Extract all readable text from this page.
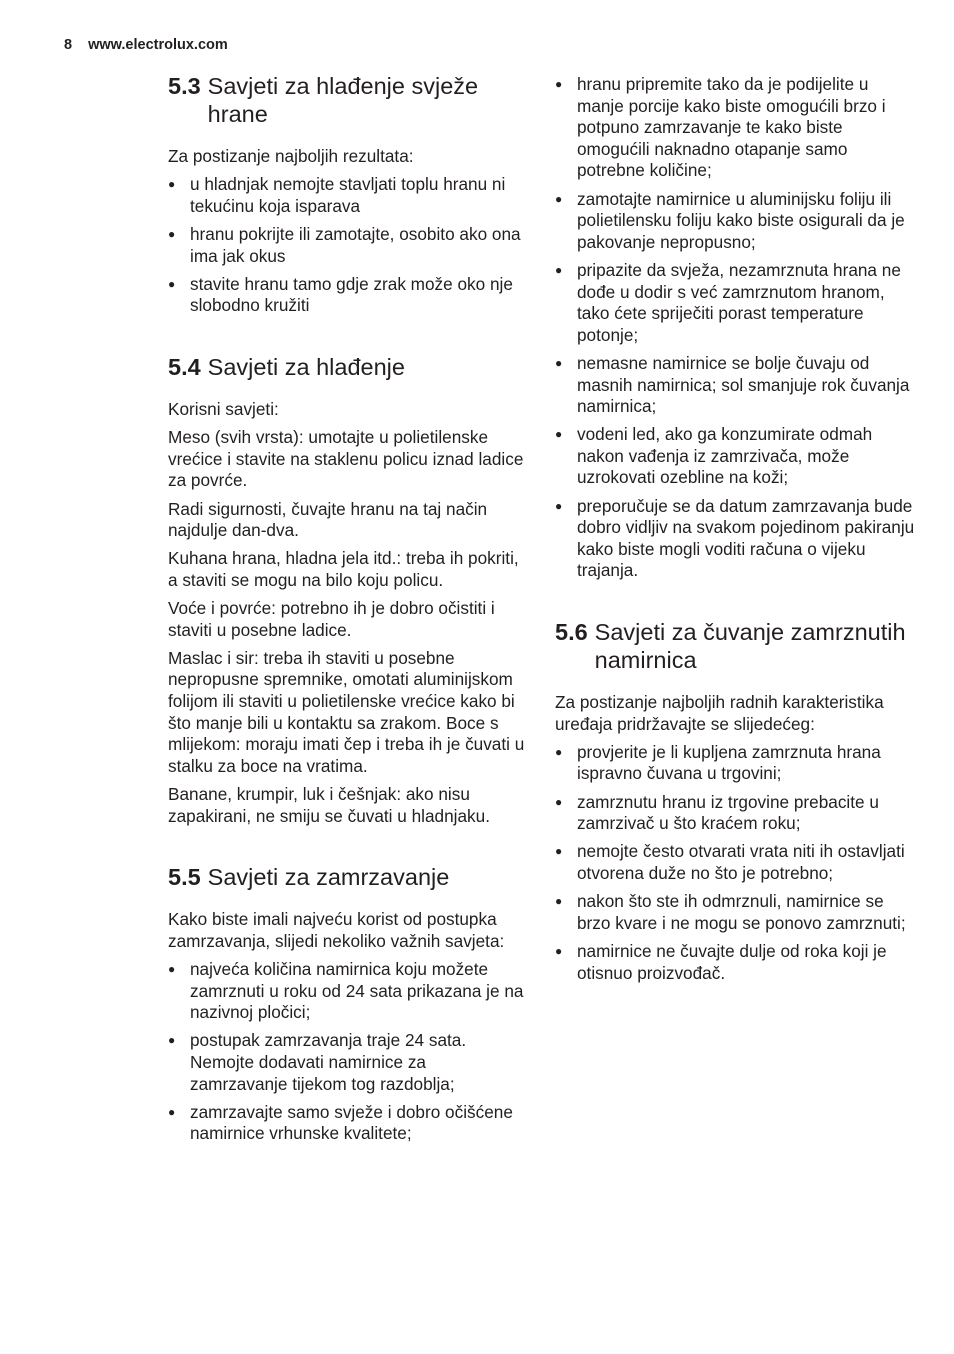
8 www.electrolux.com
5.3 Savjeti za hlađenje svježe hrane

Za postizanje najboljih rezultata:

● u hladnjak nemojte stavljati toplu hranu ni tekućinu koja isparava
● hranu pokrijte ili zamotajte, osobito ako ona ima jak okus
● stavite hranu tamo gdje zrak može oko nje slobodno kružiti
5.4 Savjeti za hlađenje

Korisni savjeti:

Meso (svih vrsta): umotajte u polietilenske vrećice i stavite na staklenu policu iznad ladice za povrće.

Radi sigurnosti, čuvajte hranu na taj način najdulje dan-dva.

Kuhana hrana, hladna jela itd.: treba ih pokriti, a staviti se mogu na bilo koju policu.

Voće i povrće: potrebno ih je dobro očistiti i staviti u posebne ladice.

Maslac i sir: treba ih staviti u posebne nepropusne spremnike, omotati aluminijskom folijom ili staviti u polietilenske vrećice kako bi što manje bili u kontaktu sa zrakom. Boce s mlijekom: moraju imati čep i treba ih je čuvati u stalku za boce na vratima.

Banane, krumpir, luk i češnjak: ako nisu zapakirani, ne smiju se čuvati u hladnjaku.

5.5 Savjeti za zamrzavanje

Kako biste imali najveću korist od postupka zamrzavanja, slijedi nekoliko važnih savjeta:

● najveća količina namirnica koju možete zamrznuti u roku od 24 sata prikazana je na nazivnoj pločici;
● postupak zamrzavanja traje 24 sata. Nemojte dodavati namirnice za zamrzavanje tijekom tog razdoblja;
● zamrzavajte samo svježe i dobro očišćene namirnice vrhunske kvalitete;
● hranu pripremite tako da je podijelite u manje porcije kako biste omogućili brzo i potpuno zamrzavanje te kako biste omogućili naknadno otapanje samo potrebne količine;
● zamotajte namirnice u aluminijsku foliju ili polietilensku foliju kako biste osigurali da je pakovanje nepropusno;
● pripazite da svježa, nezamrznuta hrana ne dođe u dodir s već zamrznutom hranom, tako ćete spriječiti porast temperature potonje;
● nemasne namirnice se bolje čuvaju od masnih namirnica; sol smanjuje rok čuvanja namirnica;
● vodeni led, ako ga konzumirate odmah nakon vađenja iz zamrzivača, može uzrokovati ozebline na koži;
● preporučuje se da datum zamrzavanja bude dobro vidljiv na svakom pojedinom pakiranju kako biste mogli voditi računa o vijeku trajanja.
5.6 Savjeti za čuvanje zamrznutih namirnica

Za postizanje najboljih radnih karakteristika uređaja pridržavajte se slijedećeg:

● provjerite je li kupljena zamrznuta hrana ispravno čuvana u trgovini;
● zamrznutu hranu iz trgovine prebacite u zamrzivač u što kraćem roku;
● nemojte često otvarati vrata niti ih ostavljati otvorena duže no što je potrebno;
● nakon što ste ih odmrznuli, namirnice se brzo kvare i ne mogu se ponovo zamrznuti;
● namirnice ne čuvajte dulje od roka koji je otisnuo proizvođač.
